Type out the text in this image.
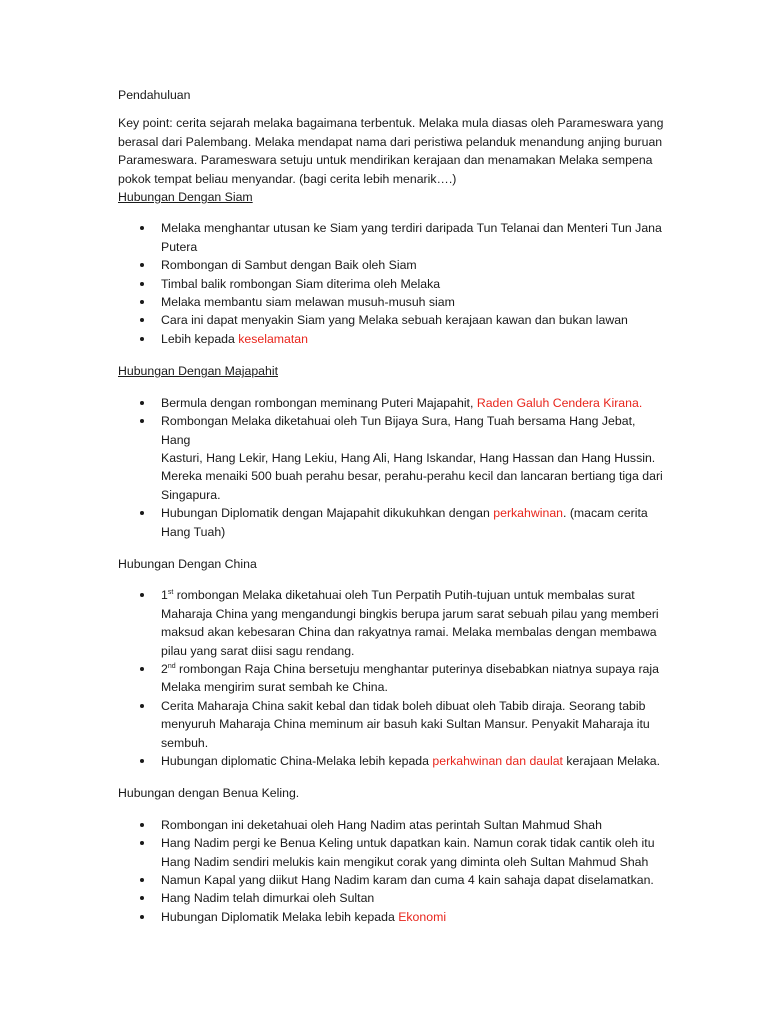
Pendahuluan

Key point: cerita sejarah melaka bagaimana terbentuk. Melaka mula diasas oleh Parameswara yang
berasal dari Palembang. Melaka mendapat nama dari peristiwa pelanduk menandung anjing buruan
Parameswara. Parameswara setuju untuk mendirikan kerajaan dan menamakan Melaka sempena
pokok tempat beliau menyandar. (bagi cerita lebih menarik….)

Hubungan Dengan Siam

Melaka menghantar utusan ke Siam yang terdiri daripada Tun Telanai dan Menteri Tun Jana
Putera
Rombongan di Sambut dengan Baik oleh Siam
Timbal balik rombongan Siam diterima oleh Melaka
Melaka membantu siam melawan musuh-musuh siam
Cara ini dapat menyakin Siam yang Melaka sebuah kerajaan kawan dan bukan lawan
Lebih kepada keselamatan

Hubungan Dengan Majapahit

Bermula dengan rombongan meminang Puteri Majapahit, Raden Galuh Cendera Kirana.
Rombongan Melaka diketahuai oleh Tun Bijaya Sura, Hang Tuah bersama Hang Jebat, Hang
Kasturi, Hang Lekir, Hang Lekiu, Hang Ali, Hang Iskandar, Hang Hassan dan Hang Hussin.
Mereka menaiki 500 buah perahu besar, perahu-perahu kecil dan lancaran bertiang tiga dari
Singapura.
Hubungan Diplomatik dengan Majapahit dikukuhkan dengan perkahwinan. (macam cerita
Hang Tuah)

Hubungan Dengan China

1st rombongan Melaka diketahuai oleh Tun Perpatih Putih-tujuan untuk membalas surat
Maharaja China yang mengandungi bingkis berupa jarum sarat sebuah pilau yang memberi
maksud akan kebesaran China dan rakyatnya ramai. Melaka membalas dengan membawa
pilau yang sarat diisi sagu rendang.
2nd rombongan Raja China bersetuju menghantar puterinya disebabkan niatnya supaya raja
Melaka mengirim surat sembah ke China.
Cerita Maharaja China sakit kebal dan tidak boleh dibuat oleh Tabib diraja. Seorang tabib
menyuruh Maharaja China meminum air basuh kaki Sultan Mansur. Penyakit Maharaja itu
sembuh.
Hubungan diplomatic China-Melaka lebih kepada perkahwinan dan daulat kerajaan Melaka.

Hubungan dengan Benua Keling.

Rombongan ini deketahuai oleh Hang Nadim atas perintah Sultan Mahmud Shah
Hang Nadim pergi ke Benua Keling untuk dapatkan kain. Namun corak tidak cantik oleh itu
Hang Nadim sendiri melukis kain mengikut corak yang diminta oleh Sultan Mahmud Shah
Namun Kapal yang diikut Hang Nadim karam dan cuma 4 kain sahaja dapat diselamatkan.
Hang Nadim telah dimurkai oleh Sultan
Hubungan Diplomatik Melaka lebih kepada Ekonomi
